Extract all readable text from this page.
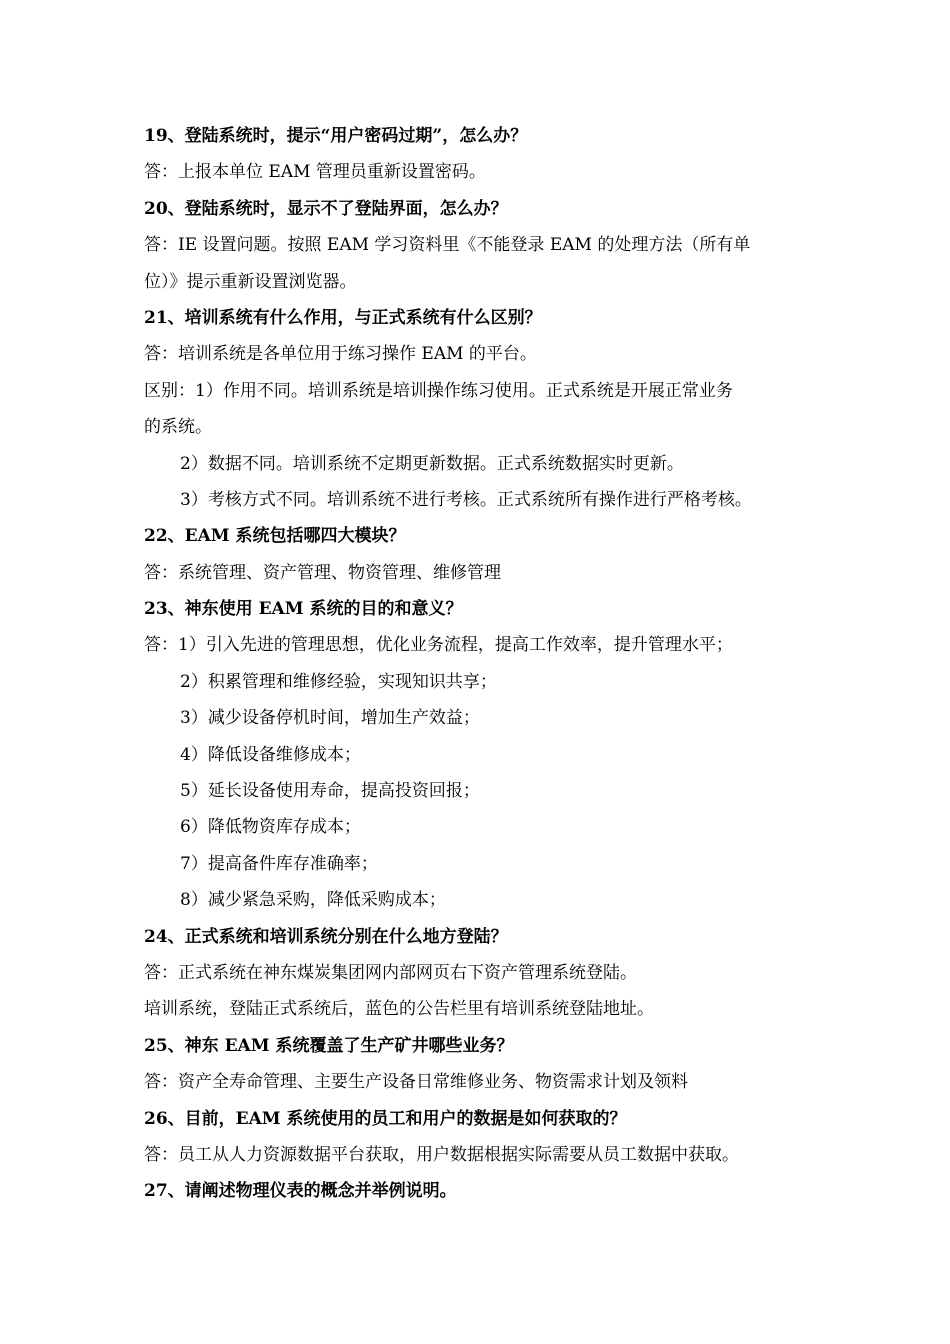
19、登陆系统时，提示“用户密码过期”，怎么办？
答：上报本单位 EAM 管理员重新设置密码。
20、登陆系统时，显示不了登陆界面，怎么办？
答：IE 设置问题。按照 EAM 学习资料里《不能登录 EAM 的处理方法（所有单
位）》提示重新设置浏览器。
21、培训系统有什么作用，与正式系统有什么区别？
答：培训系统是各单位用于练习操作 EAM 的平台。
区别：1）作用不同。培训系统是培训操作练习使用。正式系统是开展正常业务
的系统。
2）数据不同。培训系统不定期更新数据。正式系统数据实时更新。
3）考核方式不同。培训系统不进行考核。正式系统所有操作进行严格考核。
22、EAM 系统包括哪四大模块？
答：系统管理、资产管理、物资管理、维修管理
23、神东使用 EAM 系统的目的和意义？
答：1）引入先进的管理思想，优化业务流程，提高工作效率，提升管理水平；
2）积累管理和维修经验，实现知识共享；
3）减少设备停机时间，增加生产效益；
4）降低设备维修成本；
5）延长设备使用寿命，提高投资回报；
6）降低物资库存成本；
7）提高备件库存准确率；
8）减少紧急采购，降低采购成本；
24、正式系统和培训系统分别在什么地方登陆？
答：正式系统在神东煤炭集团网内部网页右下资产管理系统登陆。
培训系统，登陆正式系统后，蓝色的公告栏里有培训系统登陆地址。
25、神东 EAM 系统覆盖了生产矿井哪些业务？
答：资产全寿命管理、主要生产设备日常维修业务、物资需求计划及领料
26、目前，EAM 系统使用的员工和用户的数据是如何获取的？
答：员工从人力资源数据平台获取，用户数据根据实际需要从员工数据中获取。
27、请阐述物理仪表的概念并举例说明。
